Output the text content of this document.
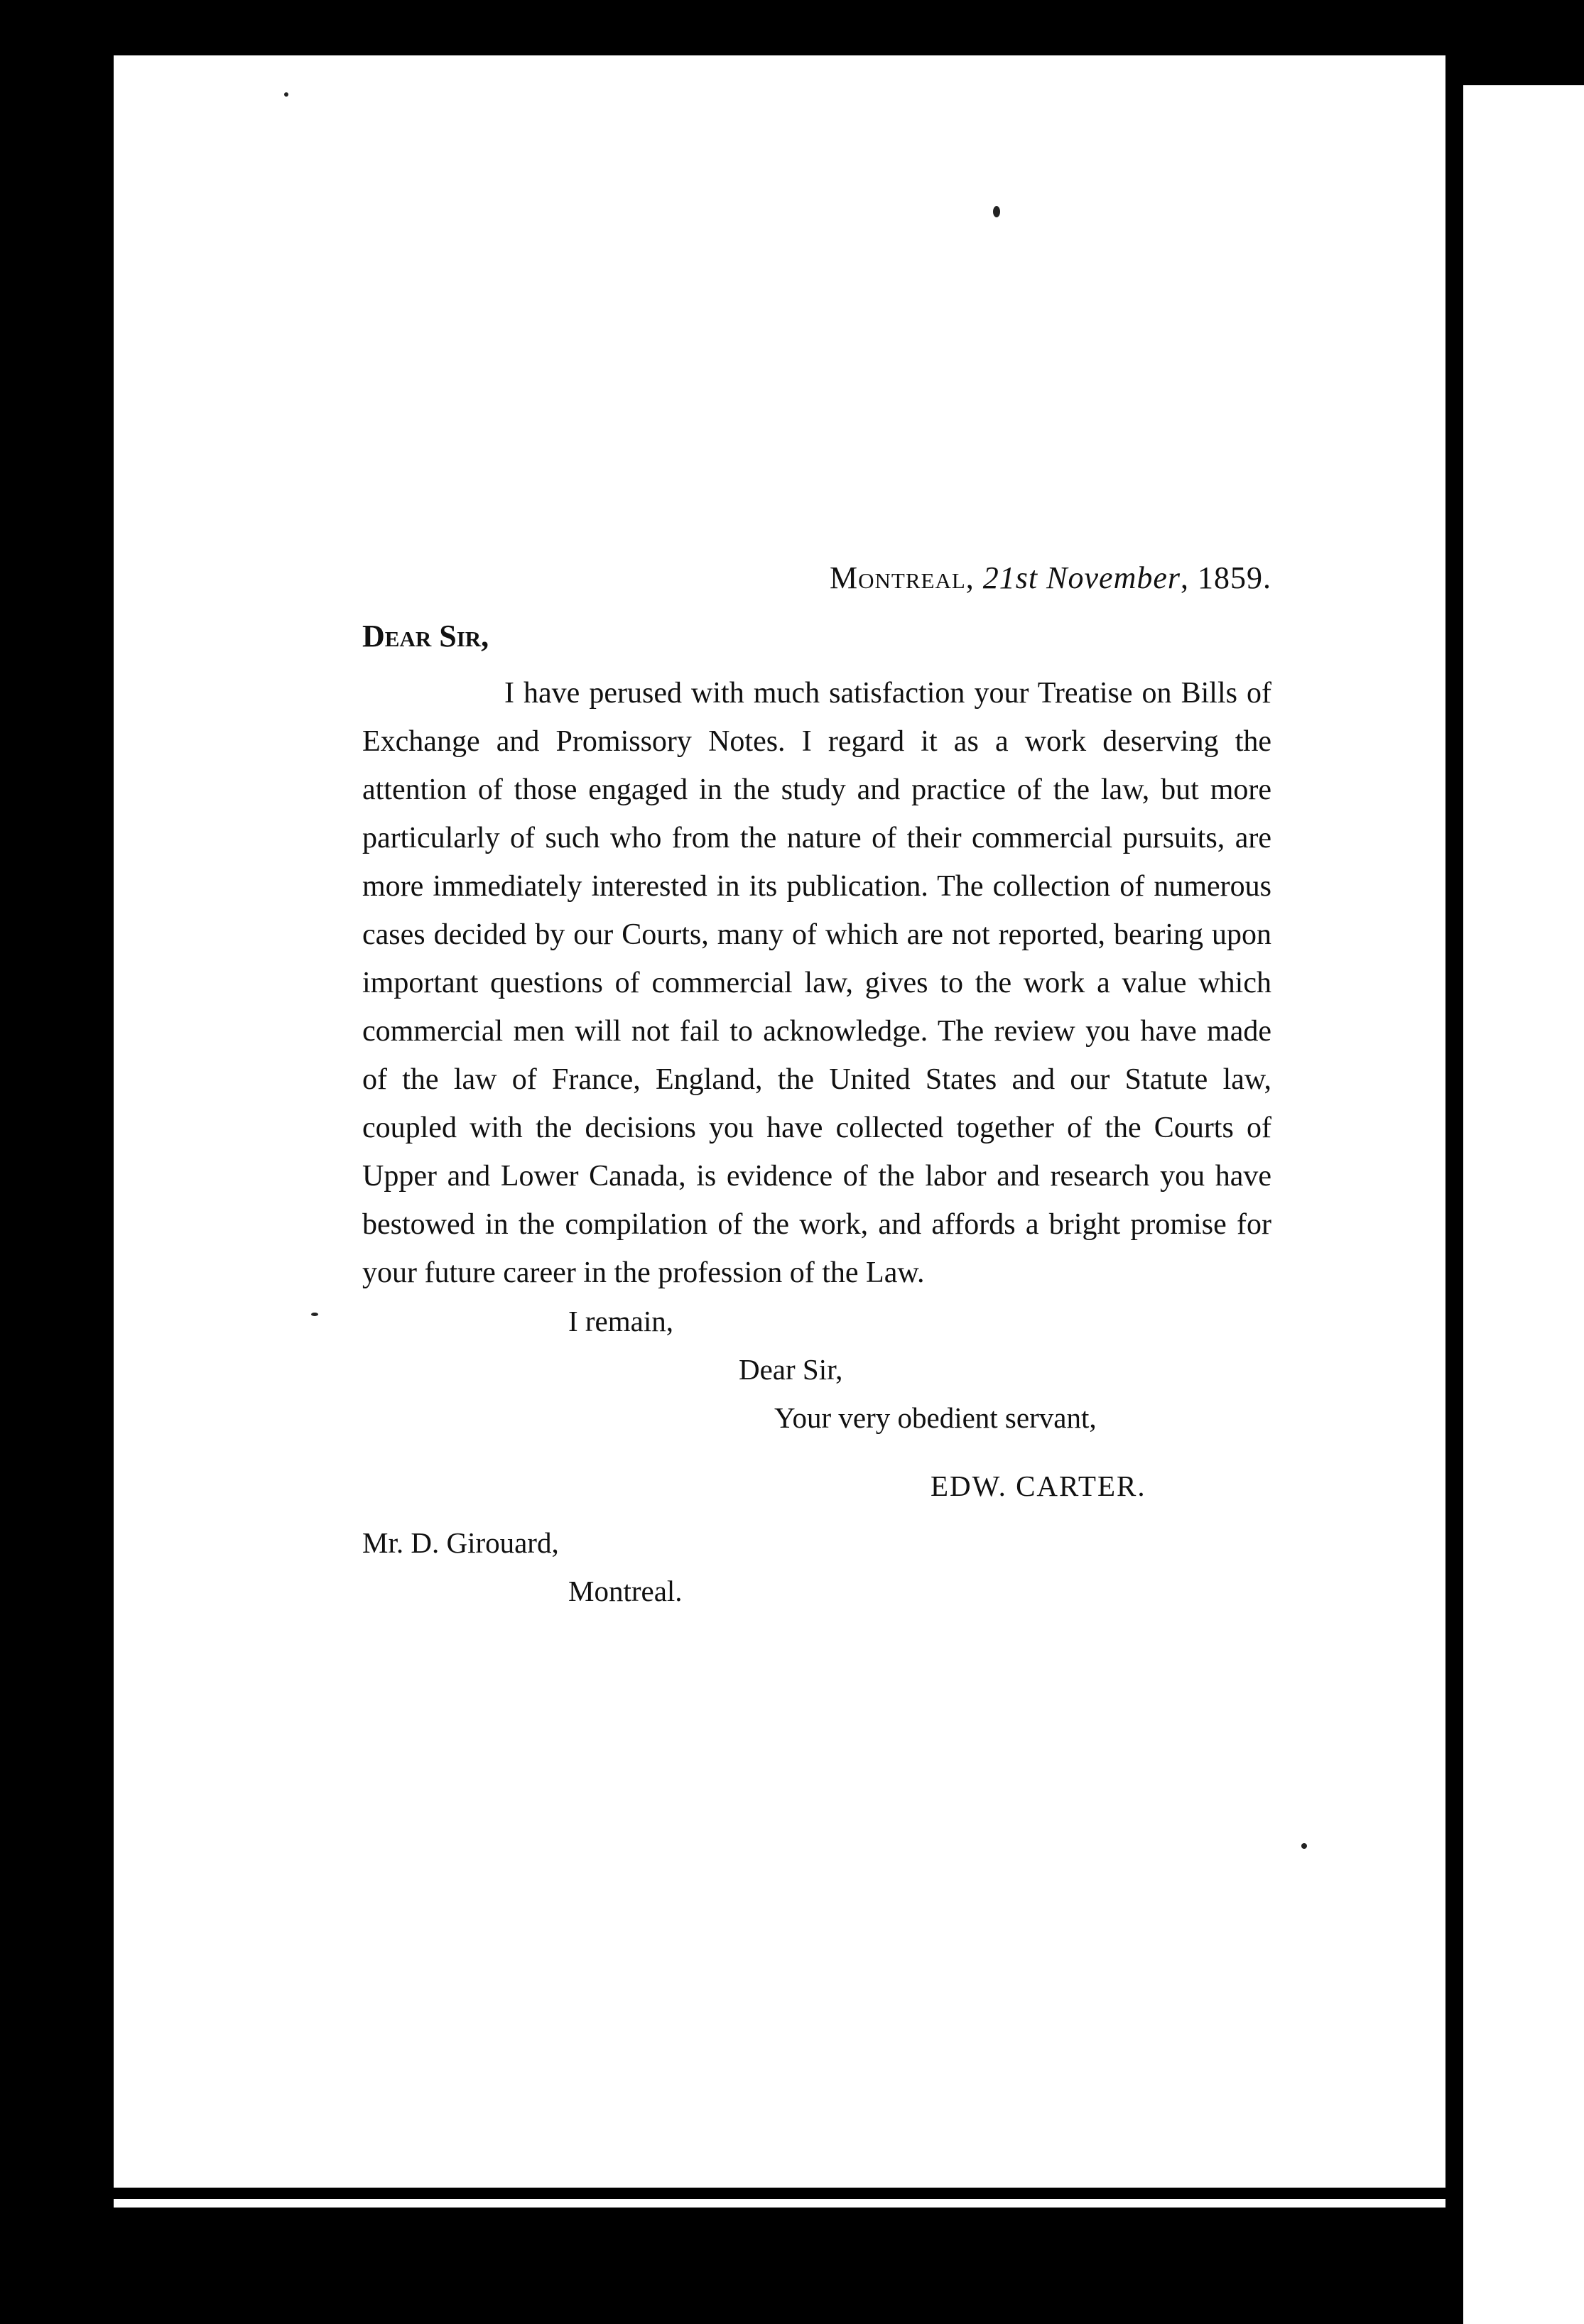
Montreal, 21st November, 1859.
Dear Sir,
I have perused with much satisfaction your Treatise on Bills of Exchange and Promissory Notes. I regard it as a work deserving the attention of those engaged in the study and practice of the law, but more particularly of such who from the nature of their commercial pursuits, are more immediately interested in its publication. The collection of numerous cases decided by our Courts, many of which are not reported, bearing upon important questions of commercial law, gives to the work a value which commercial men will not fail to acknowledge. The review you have made of the law of France, England, the United States and our Statute law, coupled with the decisions you have collected together of the Courts of Upper and Lower Canada, is evidence of the labor and research you have bestowed in the compilation of the work, and affords a bright promise for your future career in the profession of the Law.
I remain,
Dear Sir,
Your very obedient servant,
EDW. CARTER.
Mr. D. Girouard,
Montreal.
